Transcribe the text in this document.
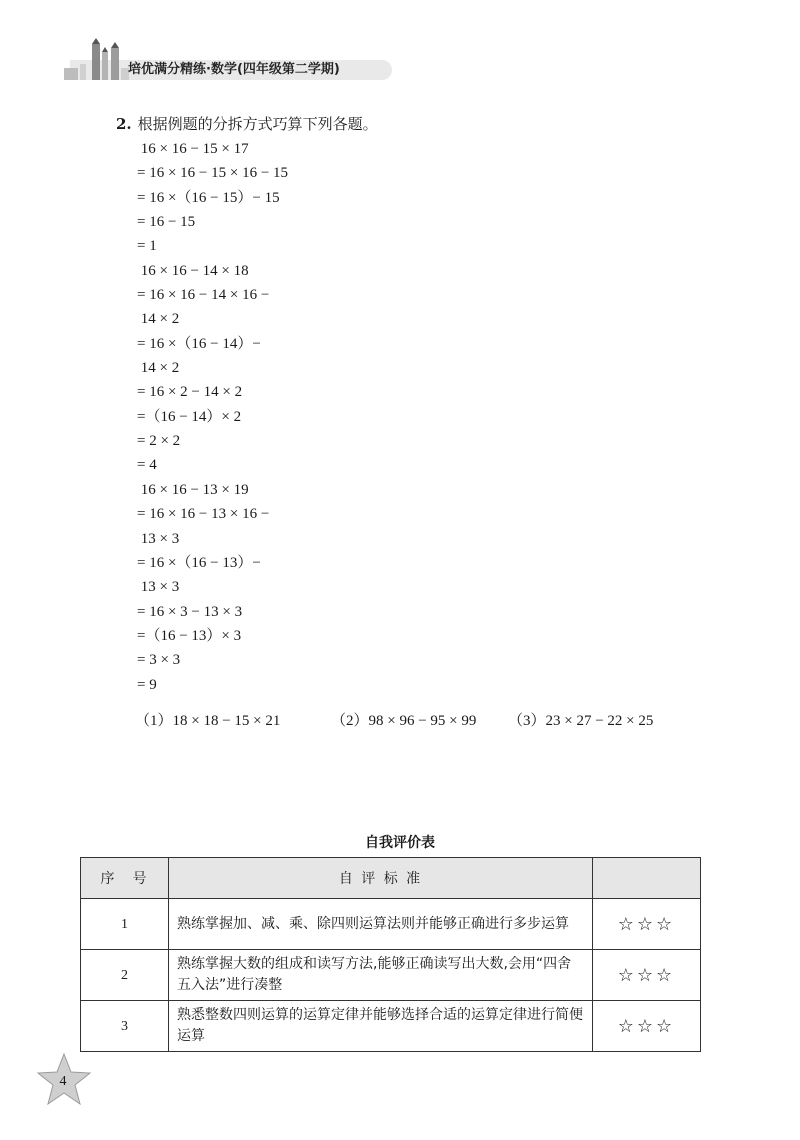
培优满分精练·数学(四年级第二学期)
2. 根据例题的分拆方式巧算下列各题。
16 × 16 − 15 × 17
= 16 × 16 − 15 × 16 − 15
= 16 ×（16 − 15）− 15
= 16 − 15
= 1
16 × 16 − 14 × 18
= 16 × 16 − 14 × 16 −
14 × 2
= 16 ×（16 − 14）−
14 × 2
= 16 × 2 − 14 × 2
=（16 − 14）× 2
= 2 × 2
= 4
16 × 16 − 13 × 19
= 16 × 16 − 13 × 16 −
13 × 3
= 16 ×（16 − 13）−
13 × 3
= 16 × 3 − 13 × 3
=（16 − 13）× 3
= 3 × 3
= 9
（1）18 × 18 − 15 × 21	（2）98 × 96 − 95 × 99 （3）23 × 27 − 22 × 25
自我评价表
序　号	自 评 标 准	
1	熟练掌握加、减、乘、除四则运算法则并能够正确进行多步运算	☆☆☆
2	熟练掌握大数的组成和读写方法,能够正确读写出大数,会用“四舍五入法”进行凑整	☆☆☆
3	熟悉整数四则运算的运算定律并能够选择合适的运算定律进行简便运算	☆☆☆
4
